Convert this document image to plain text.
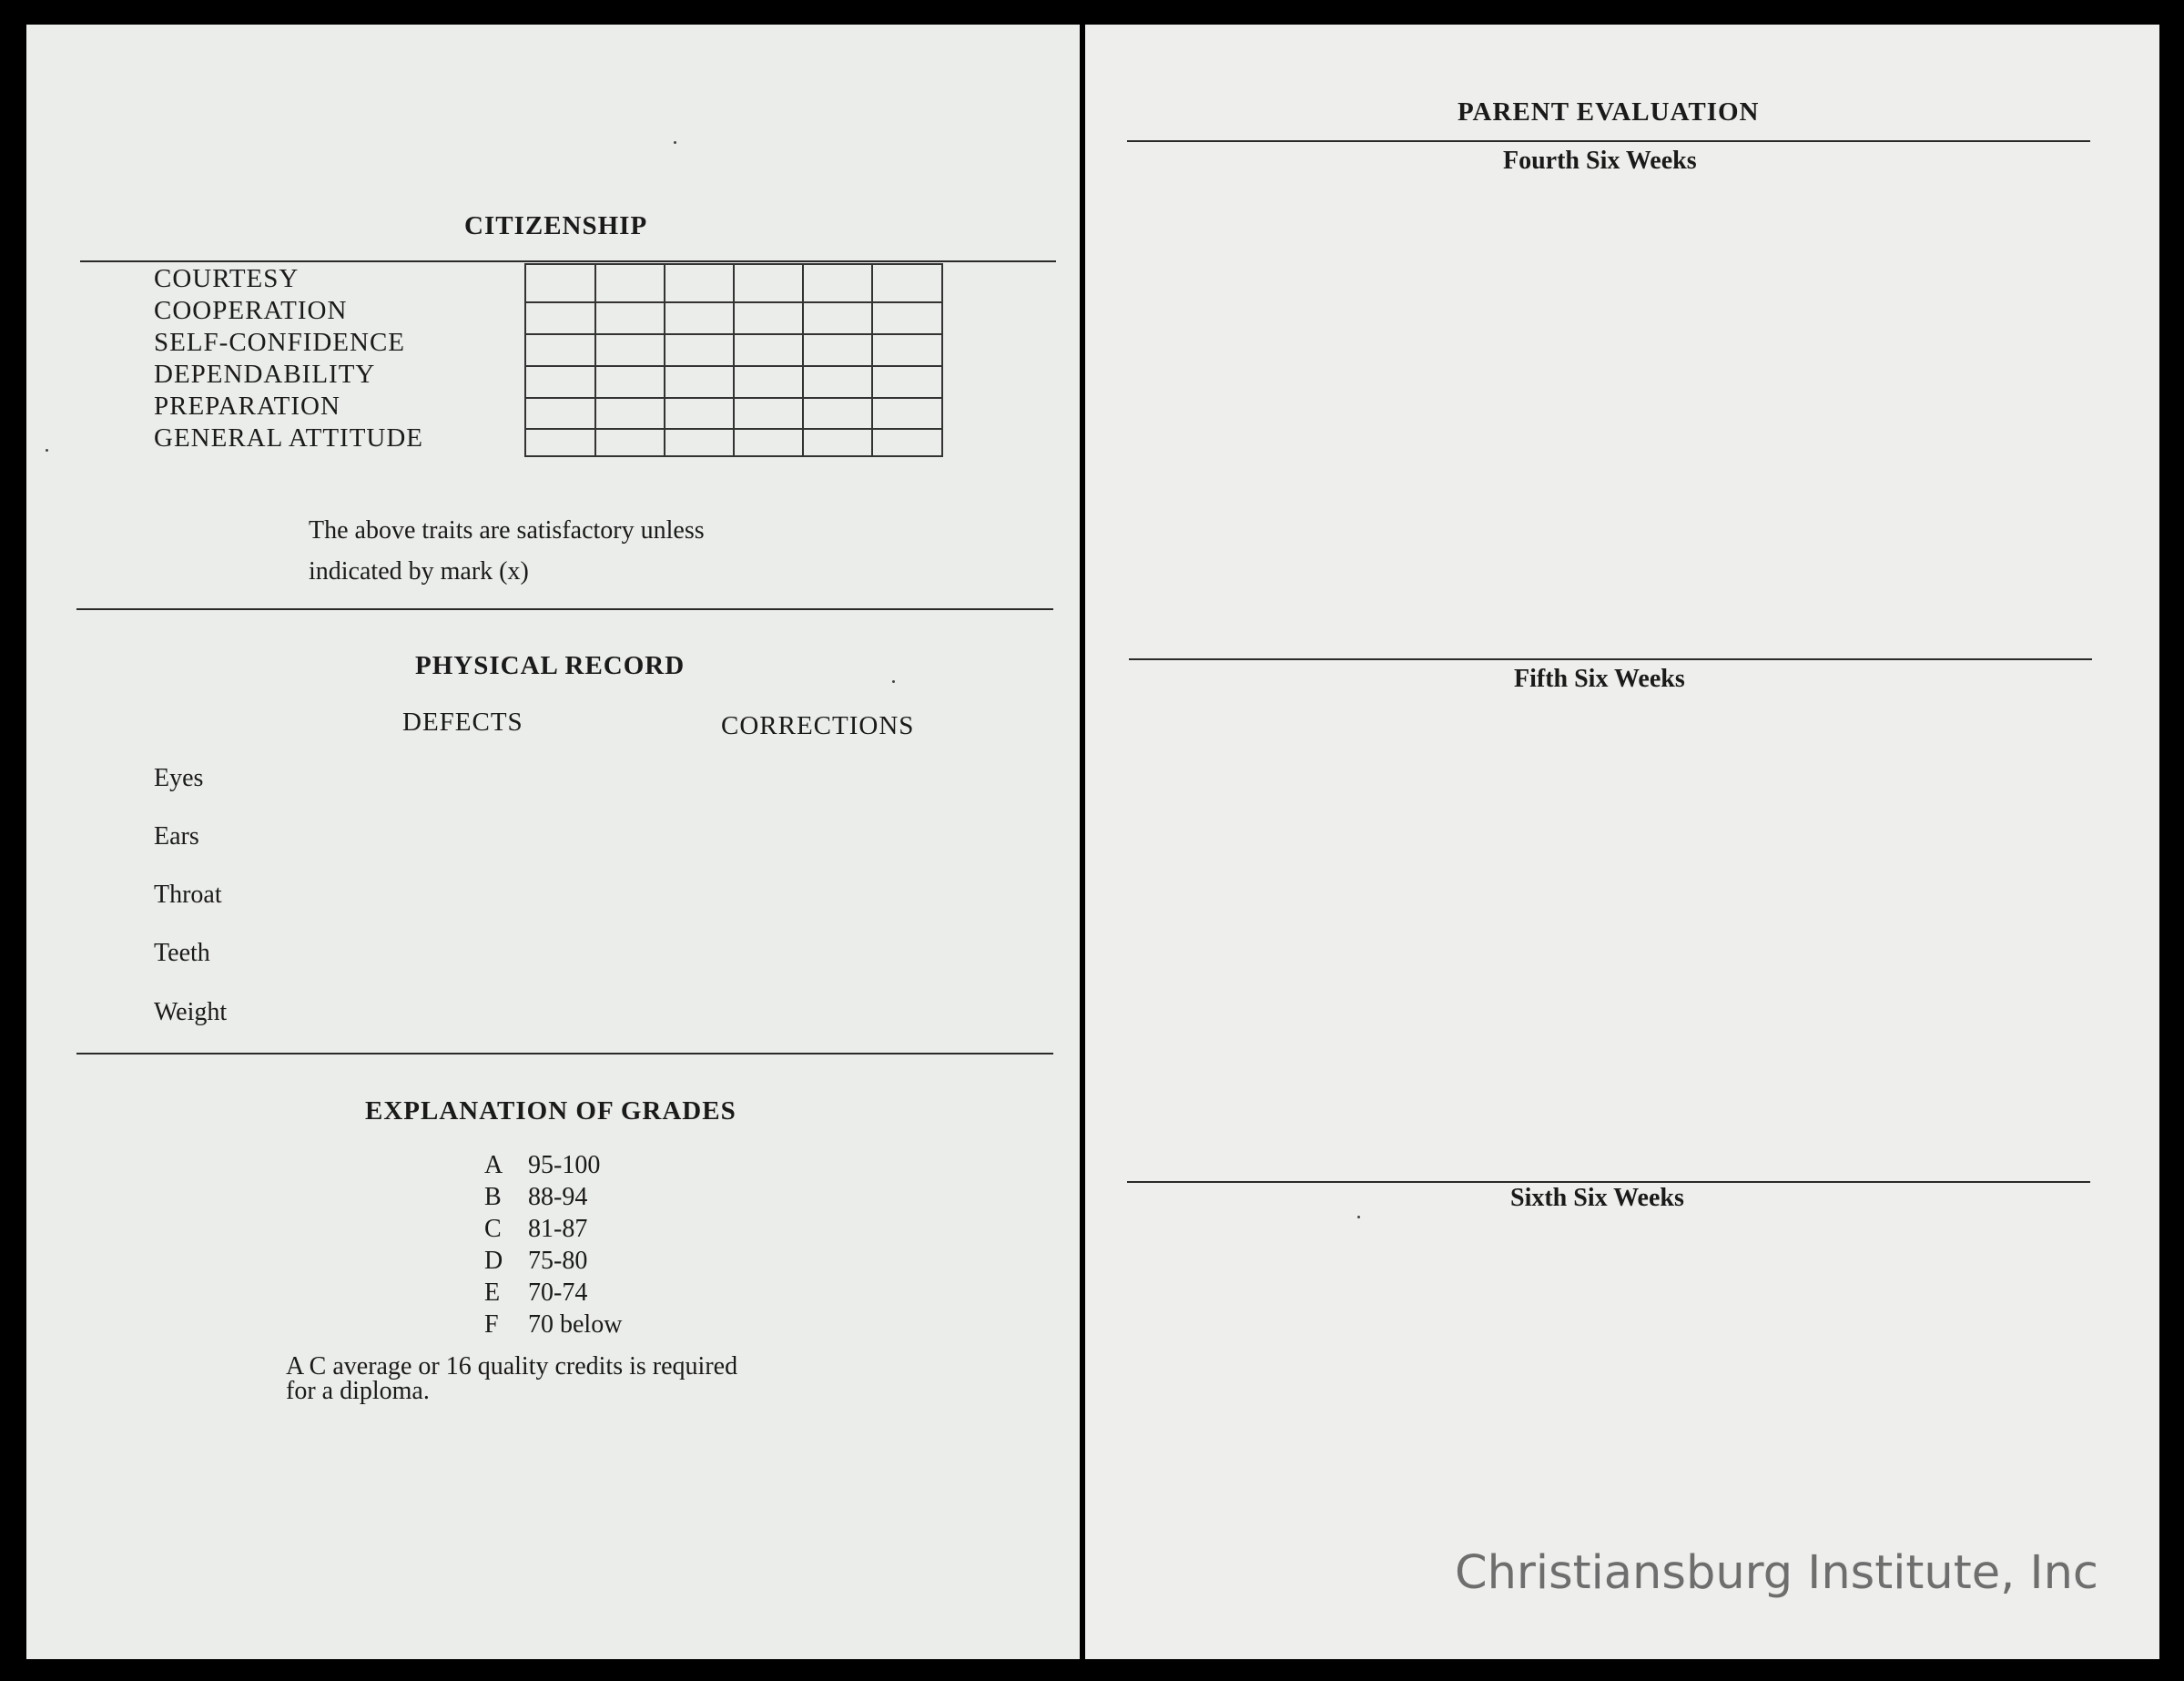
CITIZENSHIP
COURTESY
COOPERATION
SELF-CONFIDENCE
DEPENDABILITY
PREPARATION
GENERAL ATTITUDE
The above traits are satisfactory unless
indicated by mark (x)
PHYSICAL RECORD
DEFECTS	CORRECTIONS
Eyes
Ears
Throat
Teeth
Weight
EXPLANATION OF GRADES
A 95-100
B 88-94
C 81-87
D 75-80
E 70-74
F 70 below
A C average or 16 quality credits is required
for a diploma.
PARENT EVALUATION
Fourth Six Weeks
Fifth Six Weeks
Sixth Six Weeks
Christiansburg Institute, Inc
